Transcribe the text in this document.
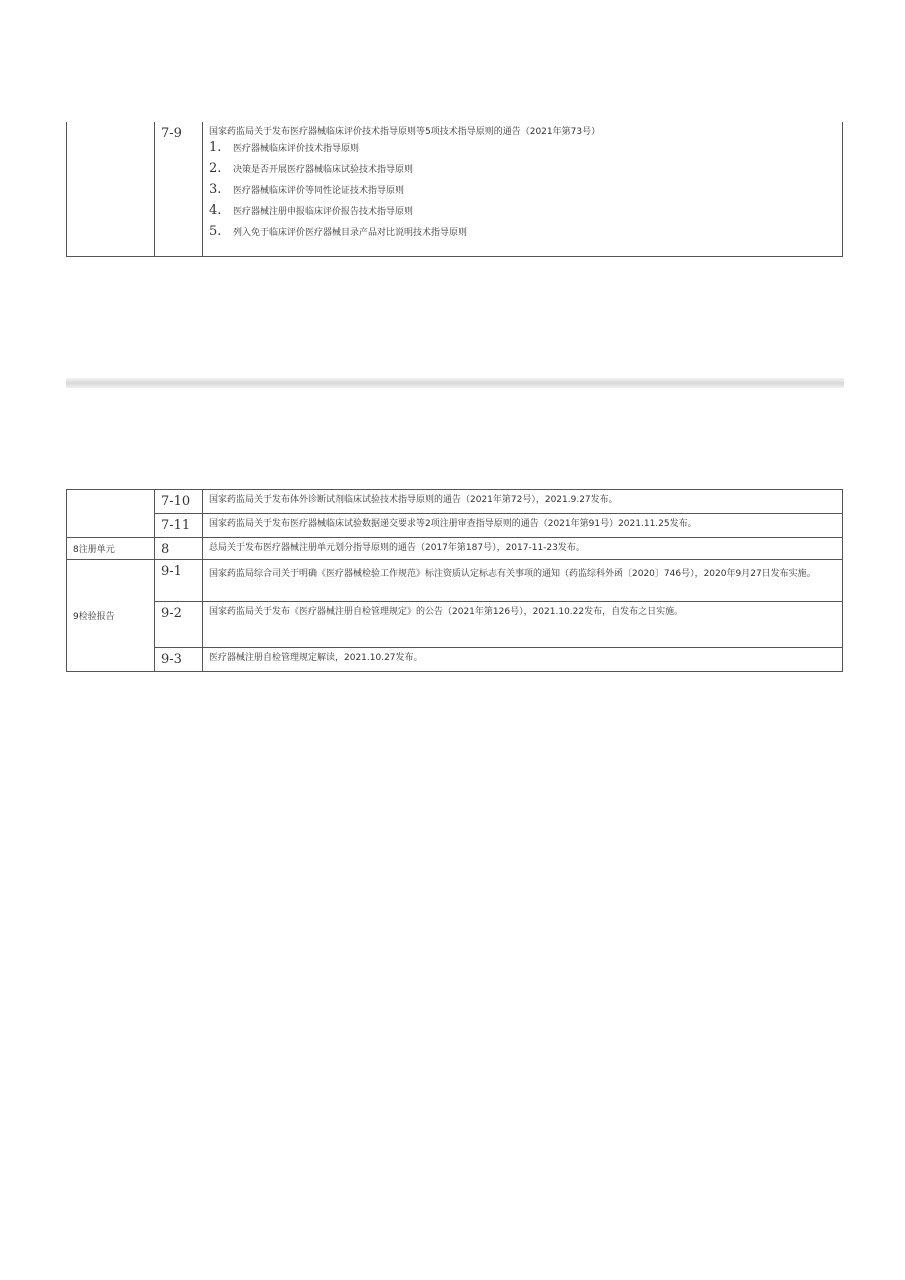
	7-9	国家药监局关于发布医疗器械临床评价技术指导原则等5项技术指导原则的通告（2021年第73号）
1.	医疗器械临床评价技术指导原则
2.	决策是否开展医疗器械临床试验技术指导原则
3.	医疗器械临床评价等同性论证技术指导原则
4.	医疗器械注册申报临床评价报告技术指导原则
5.	列入免于临床评价医疗器械目录产品对比说明技术指导原则
	7-10	国家药监局关于发布体外诊断试剂临床试验技术指导原则的通告（2021年第72号），2021.9.27发布。
	7-11	国家药监局关于发布医疗器械临床试验数据递交要求等2项注册审查指导原则的通告（2021年第91号）2021.11.25发布。
8注册单元	8	总局关于发布医疗器械注册单元划分指导原则的通告（2017年第187号），2017-11-23发布。
9检验报告	9-1	国家药监局综合司关于明确《医疗器械检验工作规范》标注资质认定标志有关事项的通知（药监综科外函〔2020〕746号），2020年9月27日发布实施。
	9-2	国家药监局关于发布《医疗器械注册自检管理规定》的公告（2021年第126号），2021.10.22发布，自发布之日实施。
	9-3	医疗器械注册自检管理规定解读，2021.10.27发布。
